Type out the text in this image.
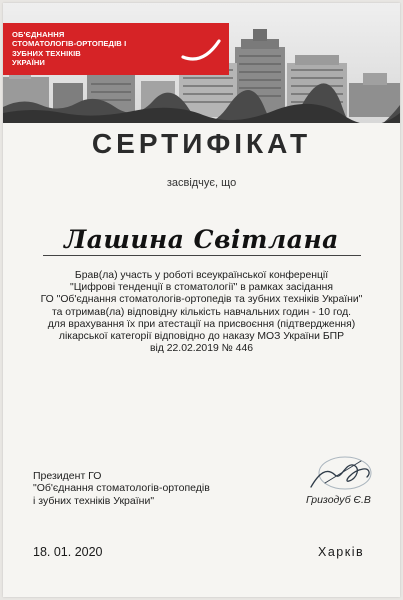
ОБ'ЄДНАННЯ
СТОМАТОЛОГІВ-ОРТОПЕДІВ І
ЗУБНИХ ТЕХНІКІВ
УКРАЇНИ
СЕРТИФІКАТ
засвідчує, що
Лашина Світлана
Брав(ла) участь у роботі всеукраїнської конференції
"Цифрові тенденції в стоматології" в рамках засідання
ГО "Об'єднання стоматологів-ортопедів та зубних техніків України"
та отримав(ла) відповідну кількість навчальних годин - 10 год.
для врахування їх при атестації на присвоєння (підтвердження)
лікарської категорії відповідно до наказу МОЗ України БПР
від 22.02.2019 № 446
Президент ГО
"Об'єднання стоматологів-ортопедів
і зубних техніків України"	Гризодуб Є.В
18. 01. 2020	Харків
